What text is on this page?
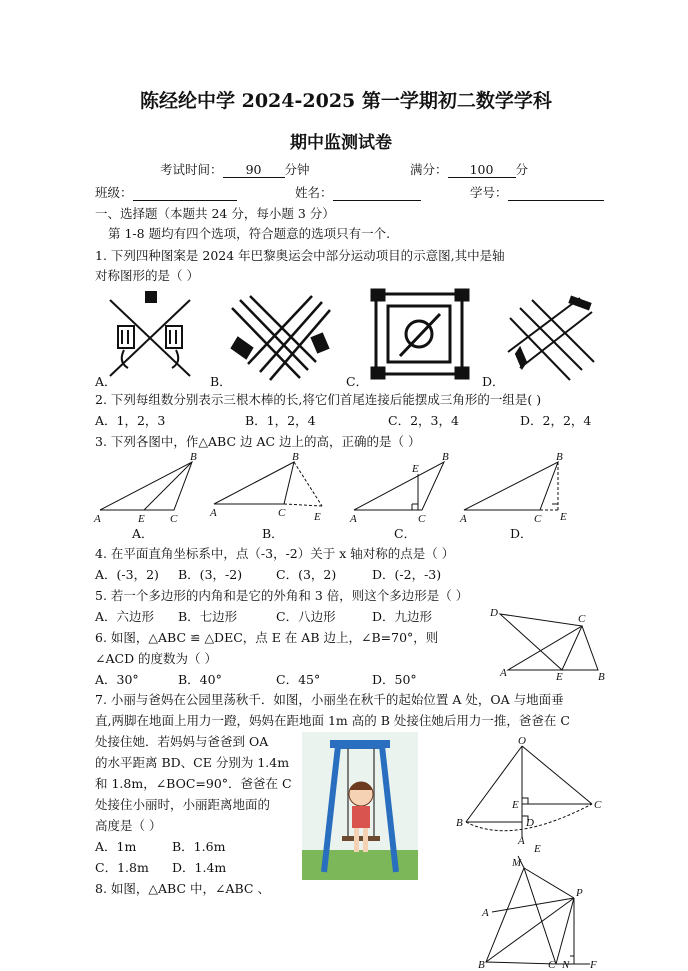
陈经纶中学 2024-2025 第一学期初二数学学科
期中监测试卷
考试时间： 90 分钟	满分： 100 分
班级：	姓名：	学号：
一、选择题（本题共 24 分，每小题 3 分）
第 1-8 题均有四个选项，符合题意的选项只有一个.
1. 下列四种图案是 2024 年巴黎奥运会中部分运动项目的示意图,其中是轴
对称图形的是（ ）
A．	B．	C．	D．
2. 下列每组数分别表示三根木棒的长,将它们首尾连接后能摆成三角形的一组是( )
A．1，2，3	B．1，2，4	C．2，3，4	D．2，2，4
3. 下列各图中，作△ABC 边 AC 边上的高，正确的是（ ）
A
B
C
E	A
B
C	E	A
B
C
E
A
B
C E
A．	B．	C．	D．
4. 在平面直角坐标系中，点（-3，-2）关于 x 轴对称的点是（ ）
A．(-3，2) B．(3，-2)	C．(3，2)	D．(-2，-3)
5. 若一个多边形的内角和是它的外角和 3 倍，则这个多边形是（ ）
A．六边形 B．七边形	C．八边形	D．九边形
6. 如图，△ABC ≌ △DEC，点 E 在 AB 边上，∠B=70°，则
∠ACD 的度数为（ ）
A．30°	B．40°	C．45°	D．50°
D	C
A	E	B
7. 小丽与爸妈在公园里荡秋千．如图，小丽坐在秋千的起始位置 A 处，OA 与地面垂
直,两脚在地面上用力一蹬，妈妈在距地面 1m 高的 B 处接住她后用力一推，爸爸在 C
处接住她．若妈妈与爸爸到 OA
的水平距离 BD、CE 分别为 1.4m
和 1.8m，∠BOC=90°．爸爸在 C
处接住小丽时，小丽距离地面的
高度是（ ）
A．1m	B．1.6m
C．1.8m D．1.4m
O
B
C
E
D
A
8. 如图，△ABC 中，∠ABC 、
M
E
P
A
B	C N F
